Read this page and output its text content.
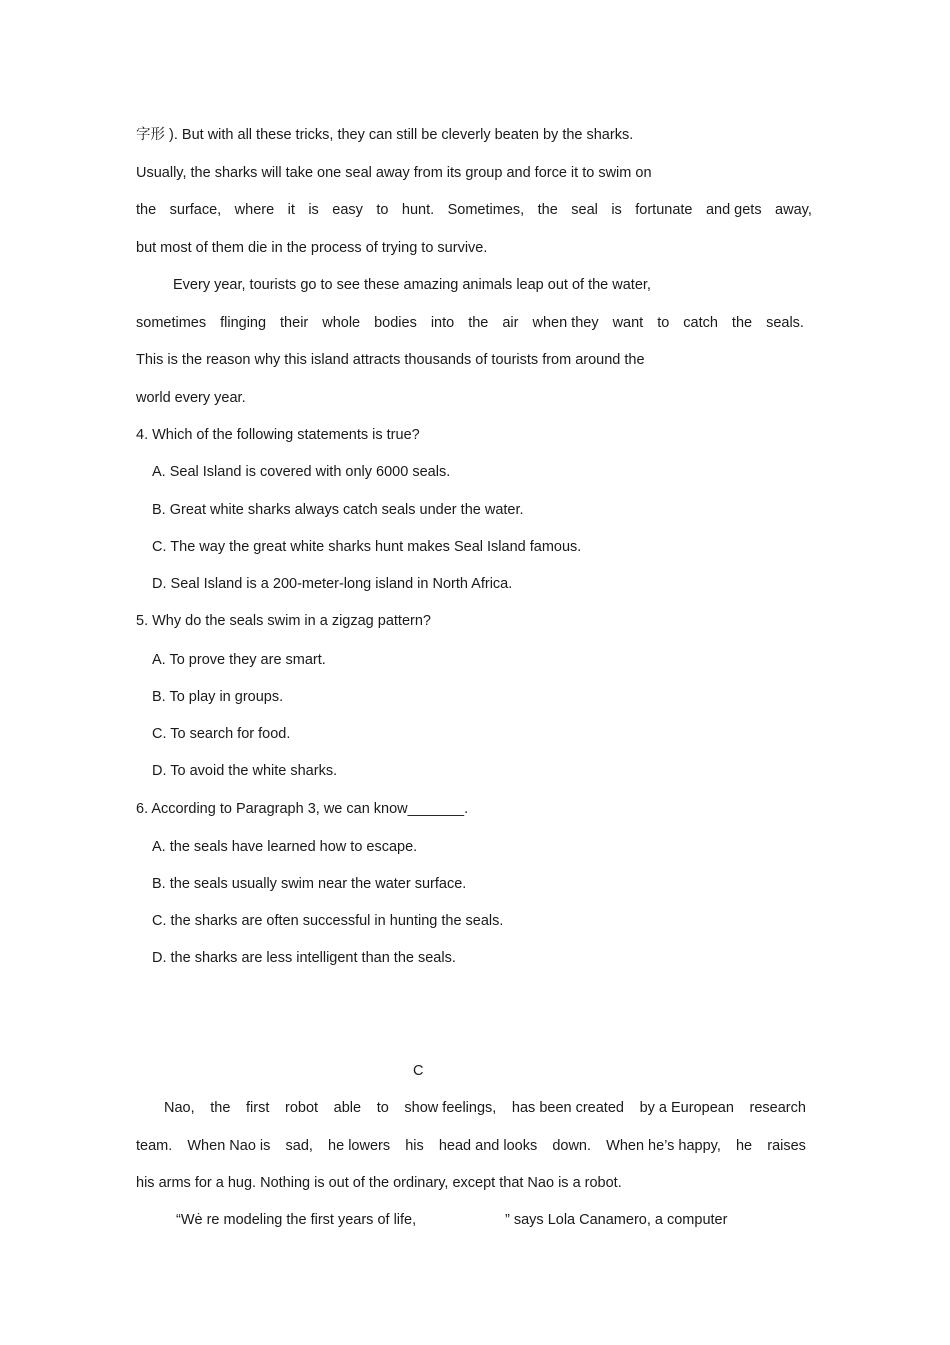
字形 ). But with all these tricks, they can still be cleverly beaten by the sharks.
Usually, the sharks will take one seal away from its group and force it to swim on
the surface, where it is easy to hunt. Sometimes, the seal is fortunate and gets away,
but most of them die in the process of trying to survive.
Every year, tourists go to see these amazing animals leap out of the water,
sometimes flinging their whole bodies into the air when they want to catch the seals.
This is the reason why this island attracts thousands of tourists from around the
world every year.
4. Which of the following statements is true?
A. Seal Island is covered with only 6000 seals.
B. Great white sharks always catch seals under the water.
C. The way the great white sharks hunt makes Seal Island famous.
D. Seal Island is a 200-meter-long island in North Africa.
5. Why do the seals swim in a zigzag pattern?
A. To prove they are smart.
B. To play in groups.
C. To search for food.
D. To avoid the white sharks.
6. According to Paragraph 3, we can know_______.
A. the seals have learned how to escape.
B. the seals usually swim near the water surface.
C. the sharks are often successful in hunting the seals.
D. the sharks are less intelligent than the seals.
C
Nao, the first robot able to show feelings, has been created by a European research
team. When Nao is sad, he lowers his head and looks down. When he’s happy, he raises
his arms for a hug. Nothing is out of the ordinary, except that Nao is a robot.
“Wė re modeling the first years of life,	” says Lola Canamero, a computer
